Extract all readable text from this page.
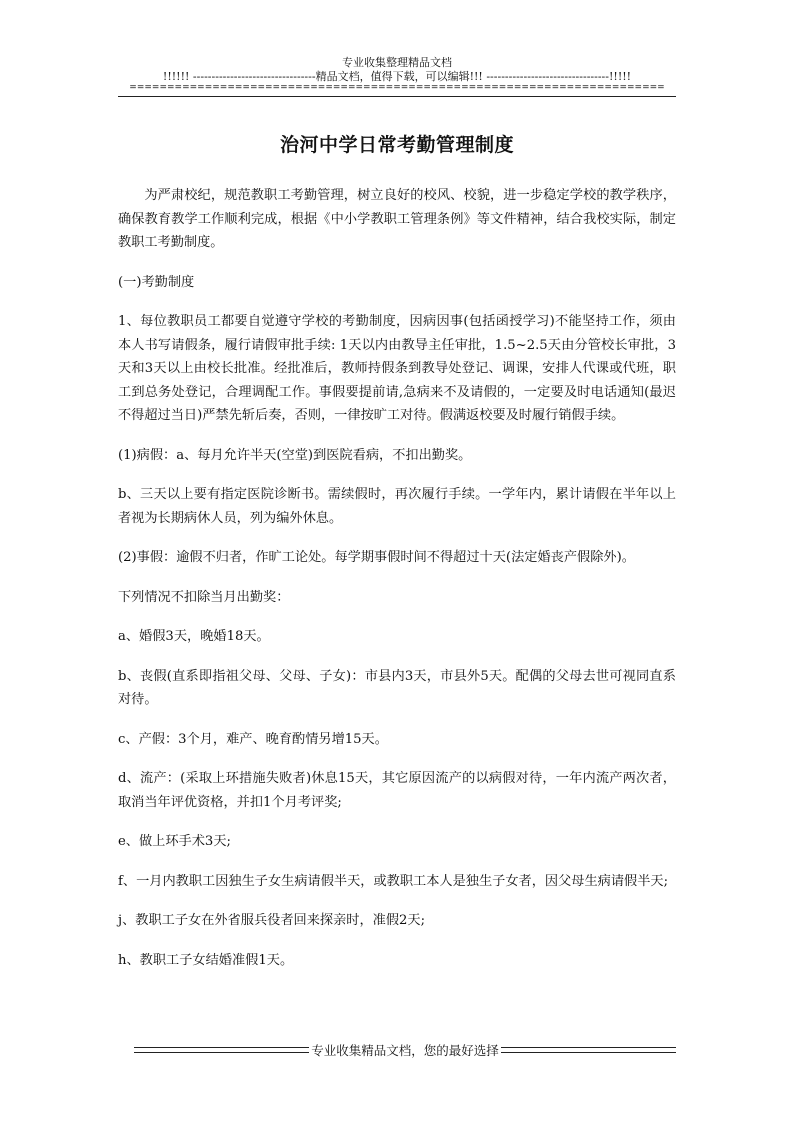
专业收集整理精品文档
!!!!!! ---------------------------------精品文档，值得下载，可以编辑!!! ---------------------------------!!!!!
=======================================================================
治河中学日常考勤管理制度

为严肃校纪，规范教职工考勤管理，树立良好的校风、校貌，进一步稳定学校的教学秩序，确保教育教学工作顺利完成，根据《中小学教职工管理条例》等文件精神，结合我校实际，制定教职工考勤制度。

(一)考勤制度

1、每位教职员工都要自觉遵守学校的考勤制度，因病因事(包括函授学习)不能坚持工作，须由本人书写请假条，履行请假审批手续: 1天以内由教导主任审批，1.5~2.5天由分管校长审批，3天和3天以上由校长批准。经批准后，教师持假条到教导处登记、调课，安排人代课或代班，职工到总务处登记，合理调配工作。事假要提前请,急病来不及请假的，一定要及时电话通知(最迟不得超过当日)严禁先斩后奏，否则，一律按旷工对待。假满返校要及时履行销假手续。

(1)病假：a、每月允许半天(空堂)到医院看病，不扣出勤奖。

b、三天以上要有指定医院诊断书。需续假时，再次履行手续。一学年内，累计请假在半年以上者视为长期病休人员，列为编外休息。

(2)事假：逾假不归者，作旷工论处。每学期事假时间不得超过十天(法定婚丧产假除外)。

下列情况不扣除当月出勤奖：

a、婚假3天，晚婚18天。

b、丧假(直系即指祖父母、父母、子女)：市县内3天，市县外5天。配偶的父母去世可视同直系对待。

c、产假：3个月，难产、晚育酌情另增15天。

d、流产：(采取上环措施失败者)休息15天，其它原因流产的以病假对待，一年内流产两次者，取消当年评优资格，并扣1个月考评奖;

e、做上环手术3天;

f、一月内教职工因独生子女生病请假半天，或教职工本人是独生子女者，因父母生病请假半天;

j、教职工子女在外省服兵役者回来探亲时，准假2天;

h、教职工子女结婚准假1天。

专业收集精品文档，您的最好选择
